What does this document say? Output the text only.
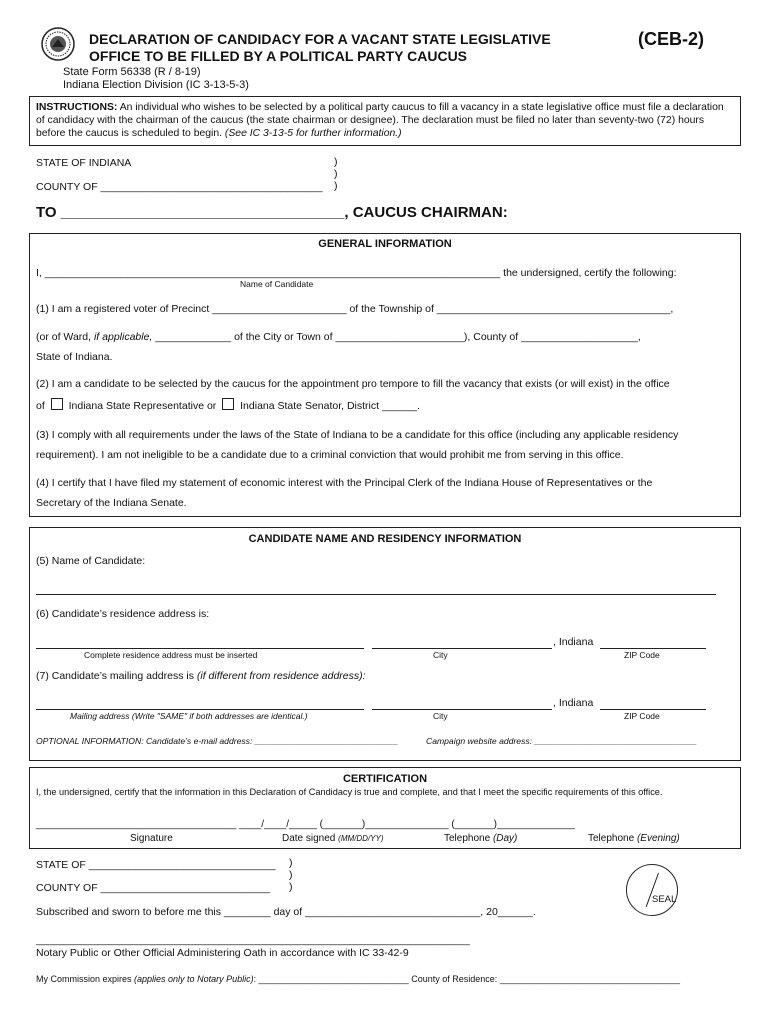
DECLARATION OF CANDIDACY FOR A VACANT STATE LEGISLATIVE
OFFICE TO BE FILLED BY A POLITICAL PARTY CAUCUS
(CEB-2)
State Form 56338 (R / 8-19)
Indiana Election Division (IC 3-13-5-3)
INSTRUCTIONS: An individual who wishes to be selected by a political party caucus to fill a vacancy in a state legislative office must file a declaration of candidacy with the chairman of the caucus (the state chairman or designee). The declaration must be filed no later than seventy-two (72) hours before the caucus is scheduled to begin. (See IC 3-13-5 for further information.)
STATE OF INDIANA
COUNTY OF ______________________________________
)
)
)
TO __________________________________, CAUCUS CHAIRMAN:
GENERAL INFORMATION
I, ______________________________________________________________________________ the undersigned, certify the following:
Name of Candidate
(1) I am a registered voter of Precinct _______________________ of the Township of ________________________________________,
(or of Ward, if applicable, _____________ of the City or Town of ______________________), County of ____________________,
State of Indiana.
(2) I am a candidate to be selected by the caucus for the appointment pro tempore to fill the vacancy that exists (or will exist) in the office
of Indiana State Representative or Indiana State Senator, District ______.
(3) I comply with all requirements under the laws of the State of Indiana to be a candidate for this office (including any applicable residency
requirement). I am not ineligible to be a candidate due to a criminal conviction that would prohibit me from serving in this office.
(4) I certify that I have filed my statement of economic interest with the Principal Clerk of the Indiana House of Representatives or the
Secretary of the Indiana Senate.
CANDIDATE NAME AND RESIDENCY INFORMATION
(5) Name of Candidate:
(6) Candidate’s residence address is:
, Indiana
Complete residence address must be inserted	City	ZIP Code
(7) Candidate’s mailing address is (if different from residence address):
, Indiana
Mailing address (Write "SAME" if both addresses are identical.)	City	ZIP Code
OPTIONAL INFORMATION: Candidate’s e-mail address: ______________________________	Campaign website address: __________________________________
CERTIFICATION
I, the undersigned, certify that the information in this Declaration of Candidacy is true and complete, and that I meet the specific requirements of this office.
____________________________________ ____/____/_____ (_______)_______________ (_______)______________
Signature	Date signed (MM/DD/YY)	Telephone (Day)	Telephone (Evening)
STATE OF ________________________________
COUNTY OF _____________________________
)
)
)
SEAL
Subscribed and sworn to before me this ________ day of ______________________________, 20______.
______________________________________________________________________________
Notary Public or Other Official Administering Oath in accordance with IC 33-42-9
My Commission expires (applies only to Notary Public): ______________________________ County of Residence: ____________________________________
